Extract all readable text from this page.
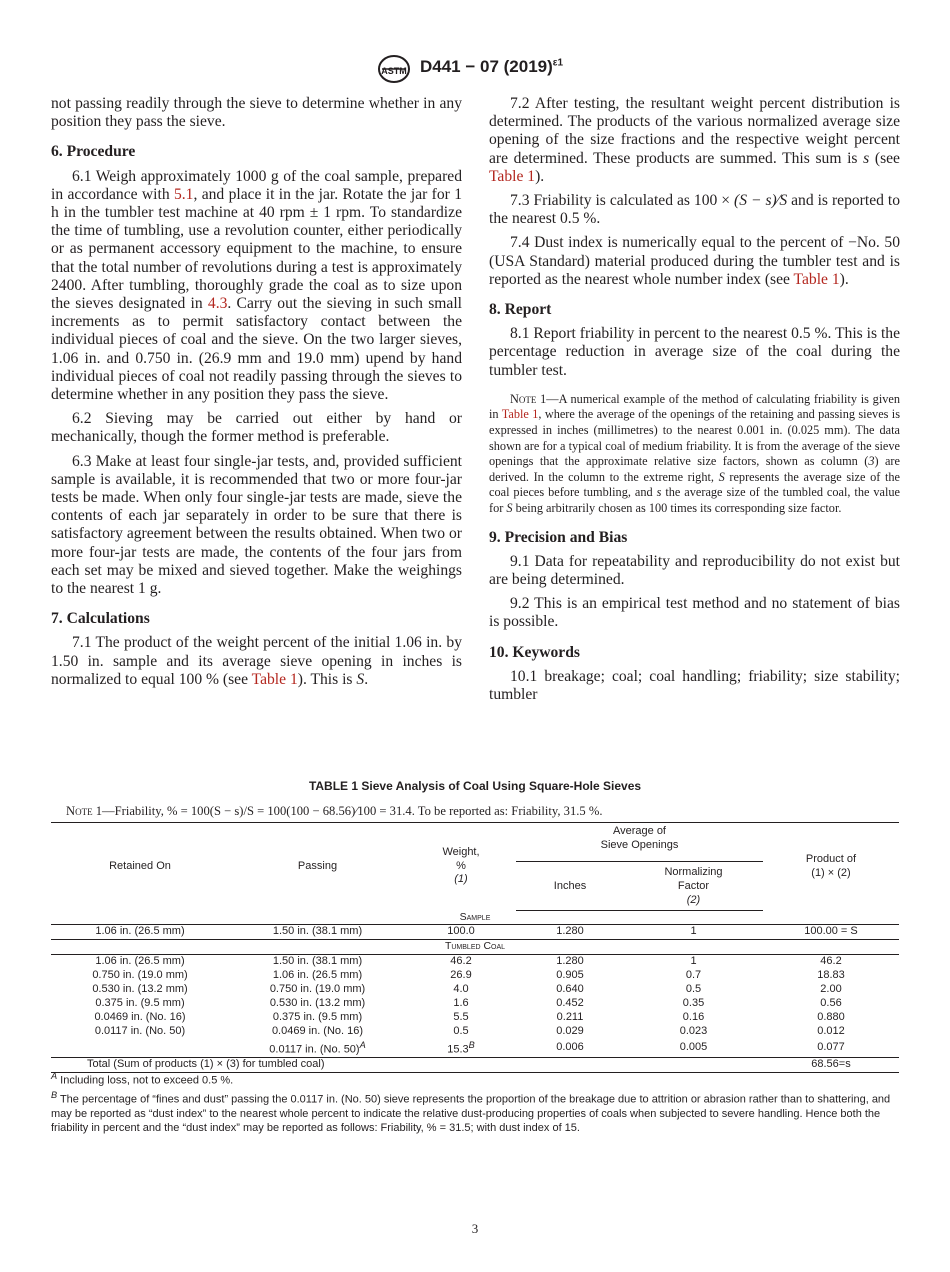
ASTM D441 − 07 $(2019)^{\varepsilon 1}$

not passing readily through the sieve to determine whether in any position they pass the sieve.

6. Procedure

6.1 Weigh approximately 1000 g of the coal sample, prepared in accordance with 5.1, and place it in the jar. Rotate the jar for 1 h in the tumbler test machine at 40 rpm ± 1 rpm. To standardize the time of tumbling, use a revolution counter, either periodically or as permanent accessory equipment to the machine, to ensure that the total number of revolutions during a test is approximately 2400. After tumbling, thoroughly grade the coal as to size upon the sieves designated in 4.3. Carry out the sieving in such small increments as to permit satisfactory contact between the individual pieces of coal and the sieve. On the two larger sieves, 1.06 in. and 0.750 in. (26.9 mm and 19.0 mm) upend by hand individual pieces of coal not readily passing through the sieves to determine whether in any position they pass the sieve.

6.2 Sieving may be carried out either by hand or mechanically, though the former method is preferable.

6.3 Make at least four single-jar tests, and, provided sufficient sample is available, it is recommended that two or more four-jar tests be made. When only four single-jar tests are made, sieve the contents of each jar separately in order to be sure that there is satisfactory agreement between the results obtained. When two or more four-jar tests are made, the contents of the four jars from each set may be mixed and sieved together. Make the weighings to the nearest 1 g.

7. Calculations

7.1 The product of the weight percent of the initial 1.06 in. by 1.50 in. sample and its average sieve opening in inches is normalized to equal 100 % (see Table 1). This is S.

7.2 After testing, the resultant weight percent distribution is determined. The products of the various normalized average size opening of the size fractions and the respective weight percent are determined. These products are summed. This sum is s (see Table 1).

7.3 Friability is calculated as 100 × (S − s)⁄S and is reported to the nearest 0.5 %.

7.4 Dust index is numerically equal to the percent of −No. 50 (USA Standard) material produced during the tumbler test and is reported as the nearest whole number index (see Table 1).

8. Report

8.1 Report friability in percent to the nearest 0.5 %. This is the percentage reduction in average size of the coal during the tumbler test.

Note 1—A numerical example of the method of calculating friability is given in Table 1, where the average of the openings of the retaining and passing sieves is expressed in inches (millimetres) to the nearest 0.001 in. (0.025 mm). The data shown are for a typical coal of medium friability. It is from the average of the sieve openings that the approximate relative size factors, shown as column (3) are derived. In the column to the extreme right, S represents the average size of the coal pieces before tumbling, and s the average size of the tumbled coal, the value for S being arbitrarily chosen as 100 times its corresponding size factor.

9. Precision and Bias

9.1 Data for repeatability and reproducibility do not exist but are being determined.

9.2 This is an empirical test method and no statement of bias is possible.

10. Keywords

10.1 breakage; coal; coal handling; friability; size stability; tumbler

TABLE 1 Sieve Analysis of Coal Using Square-Hole Sieves
Note 1—Friability, % = 100(S − s)/S = 100(100 − 68.56)⁄100 = 31.4. To be reported as: Friability, 31.5 %.
Retained On	Passing	Weight,
%
(1)	Average of
Sieve Openings		Product of
(1) × (2)
			Inches	Normalizing
Factor
(2)	
Sample					
1.06 in. (26.5 mm)	1.50 in. (38.1 mm)	100.0	1.280	1	100.00 = S
Tumbled Coal					
1.06 in. (26.5 mm)	1.50 in. (38.1 mm)	46.2	1.280	1	46.2
0.750 in. (19.0 mm)	1.06 in. (26.5 mm)	26.9	0.905	0.7	18.83
0.530 in. (13.2 mm)	0.750 in. (19.0 mm)	4.0	0.640	0.5	2.00
0.375 in. (9.5 mm)	0.530 in. (13.2 mm)	1.6	0.452	0.35	0.56
0.0469 in. (No. 16)	0.375 in. (9.5 mm)	5.5	0.211	0.16	0.880
0.0117 in. (No. 50)	0.0469 in. (No. 16)	0.5	0.029	0.023	0.012
	0.0117 in. (No. 50)$^A$	$15.3^B$	0.006	0.005	0.077
Total (Sum of products (1) × (3) for tumbled coal)					68.56=s

$^A$ Including loss, not to exceed 0.5 %.

$^B$ The percentage of “fines and dust” passing the 0.0117 in. (No. 50) sieve represents the proportion of the breakage due to attrition or abrasion rather than to shattering, and may be reported as “dust index” to the nearest whole percent to indicate the relative dust-producing properties of coals when subjected to severe handling. Hence both the friability in percent and the “dust index” may be reported as follows: Friability, % = 31.5; with dust index of 15.

3
